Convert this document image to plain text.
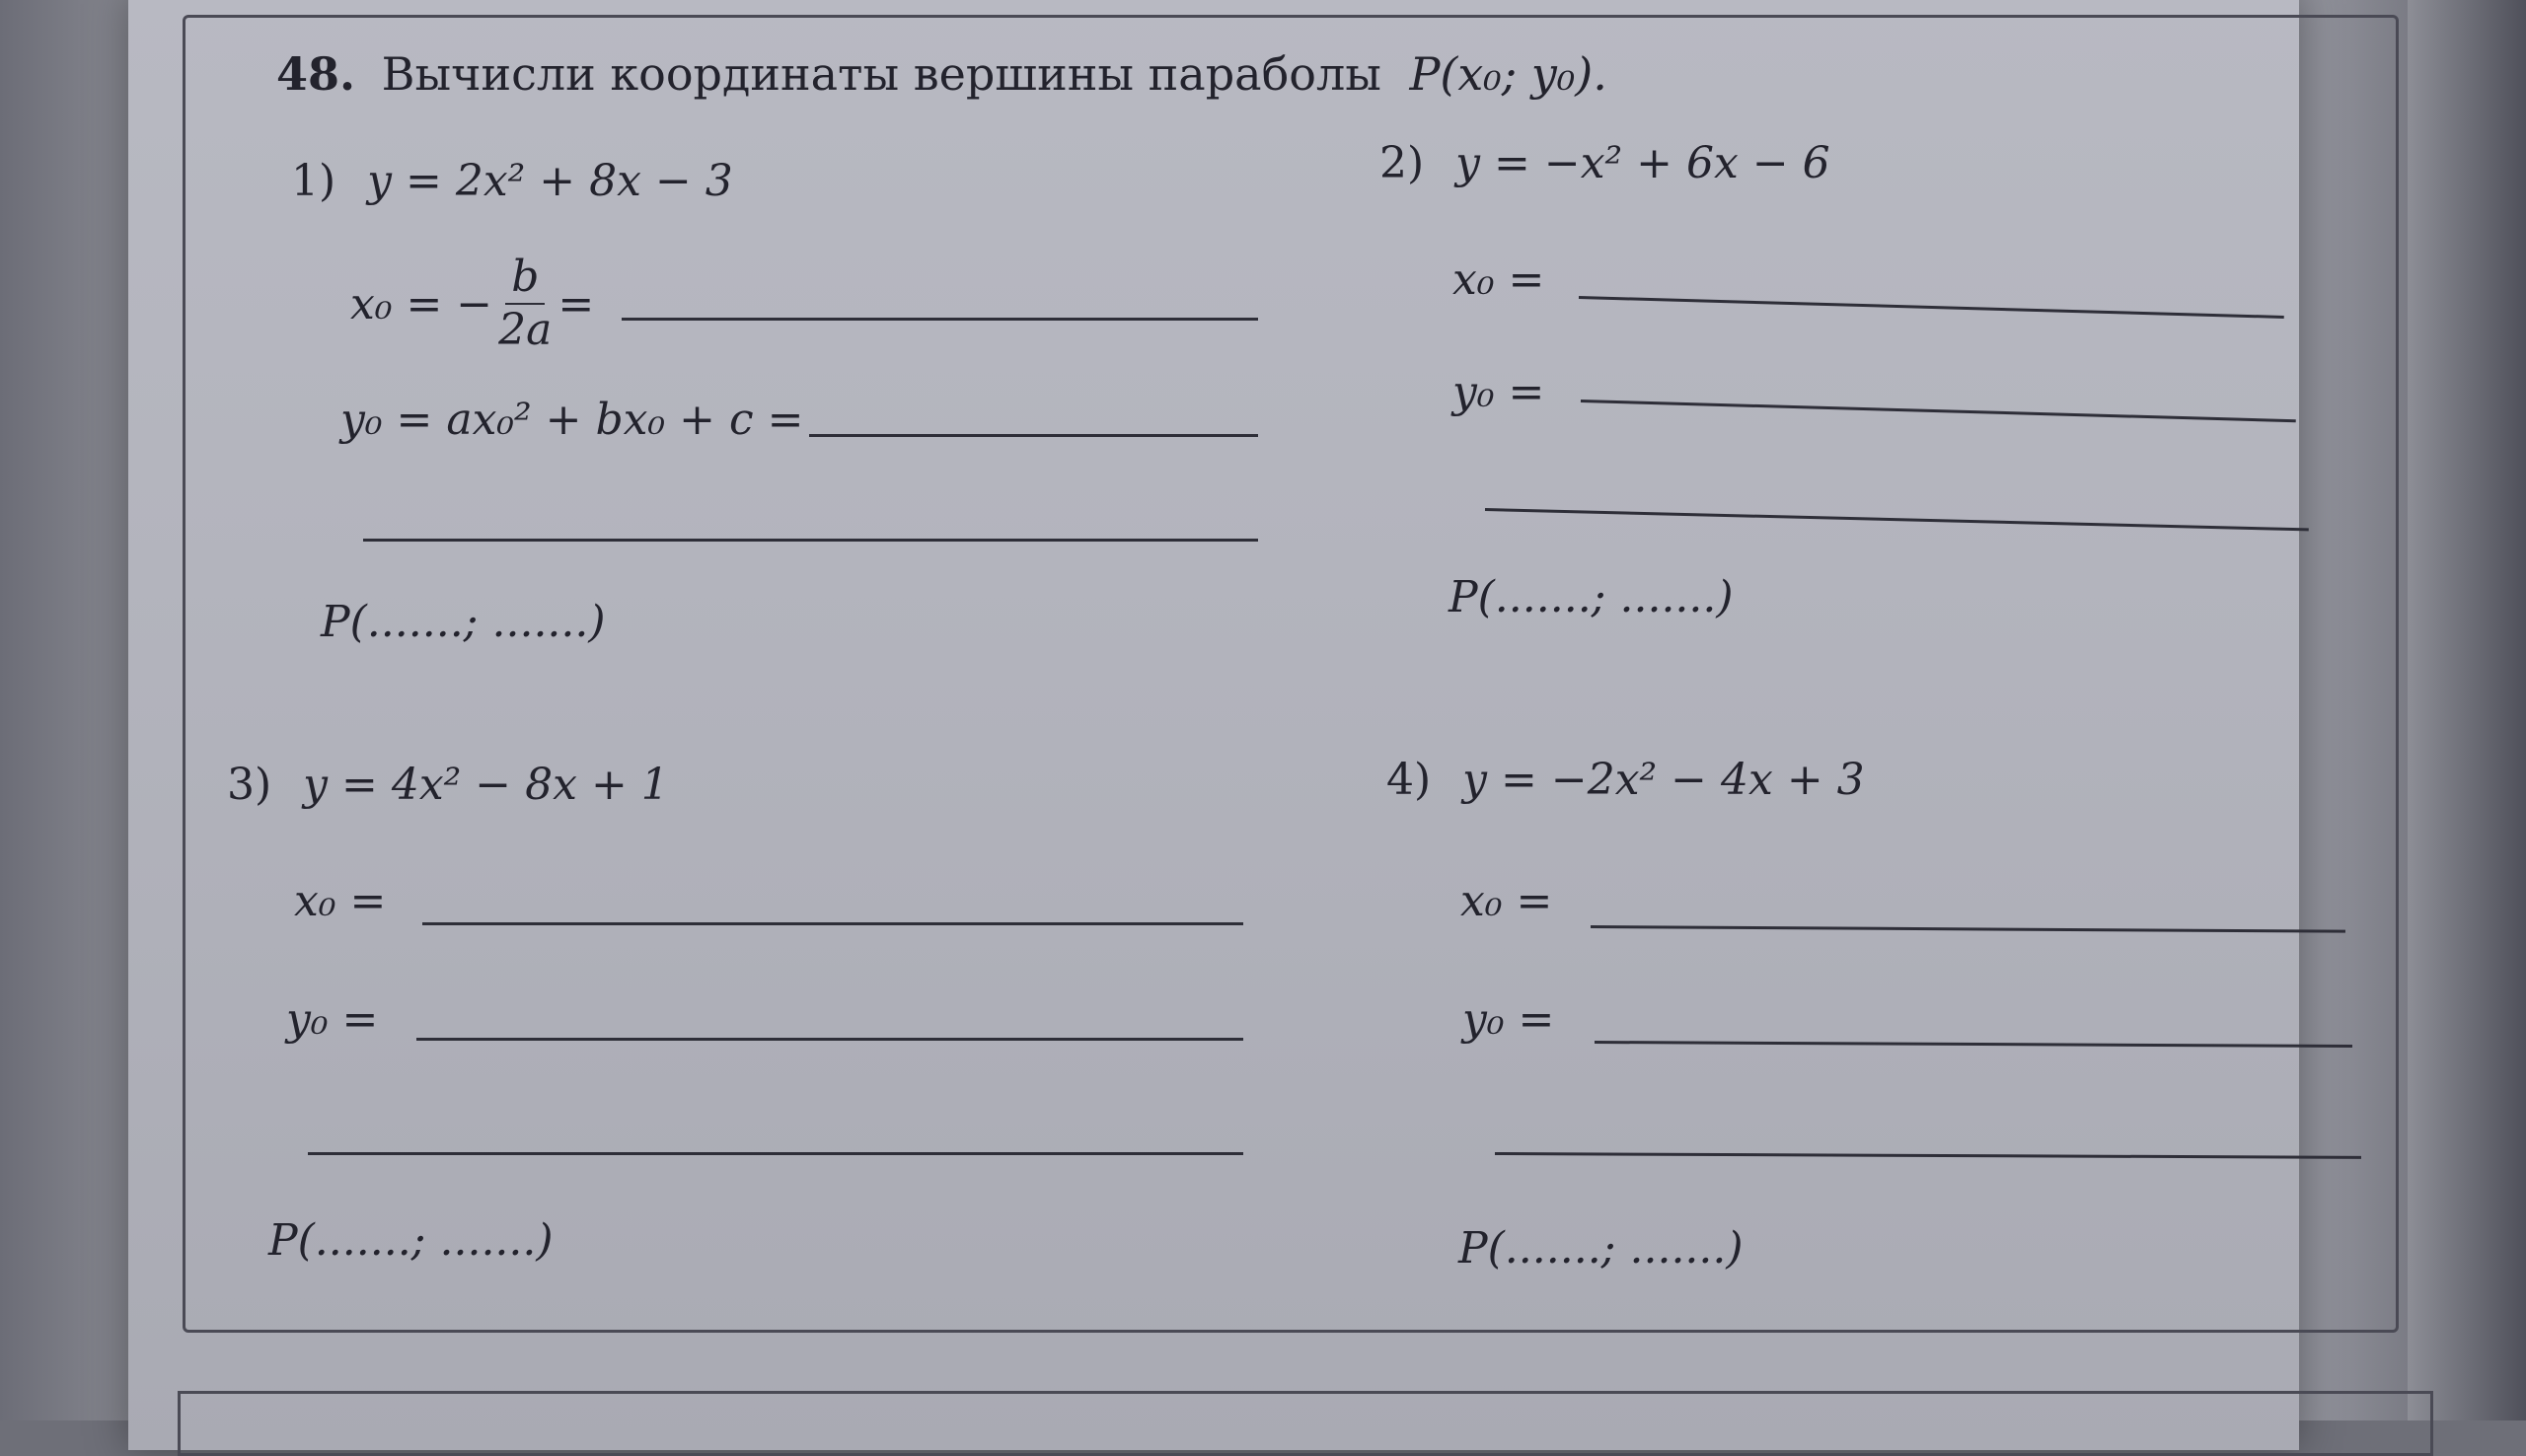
48. Вычисли координаты вершины параболы P(x₀; y₀).
1) y = 2x² + 8x − 3
x₀ = − $\frac{b}{2a}$ =
y₀ = ax₀² + bx₀ + c =
P(.......; .......)
2) y = −x² + 6x − 6
x₀ =
y₀ =
P(.......; .......)
3) y = 4x² − 8x + 1
x₀ =
y₀ =
P(.......; .......)
4) y = −2x² − 4x + 3
x₀ =
y₀ =
P(.......; .......)
